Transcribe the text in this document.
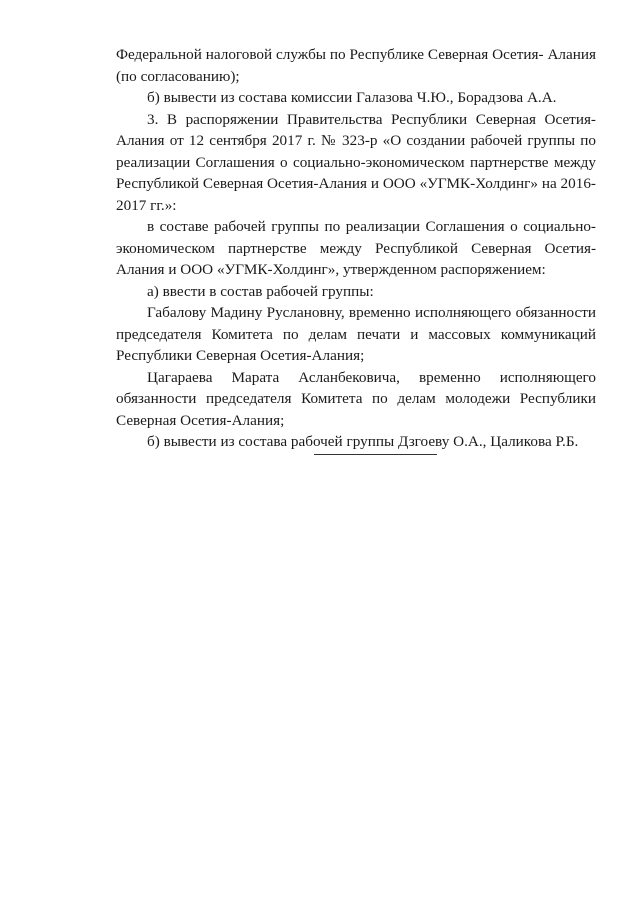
Федеральной налоговой службы по Республике Северная Осетия- Алания (по согласованию);

б) вывести из состава комиссии Галазова Ч.Ю., Борадзова А.А.

3. В распоряжении Правительства Республики Северная Осетия-Алания от 12 сентября 2017 г. № 323-р «О создании рабочей группы по реализации Соглашения о социально-экономическом партнерстве между Республикой Северная Осетия-Алания и ООО «УГМК-Холдинг» на 2016-2017 гг.»:

в составе рабочей группы по реализации Соглашения о социально-экономическом партнерстве между Республикой Северная Осетия-Алания и ООО «УГМК-Холдинг», утвержденном распоряжением:

а) ввести в состав рабочей группы:

Габалову Мадину Руслановну, временно исполняющего обязанности председателя Комитета по делам печати и массовых коммуникаций Республики Северная Осетия-Алания;

Цагараева Марата Асланбековича, временно исполняющего обязанности председателя Комитета по делам молодежи Республики Северная Осетия-Алания;

б) вывести из состава рабочей группы Дзгоеву О.А., Цаликова Р.Б.
